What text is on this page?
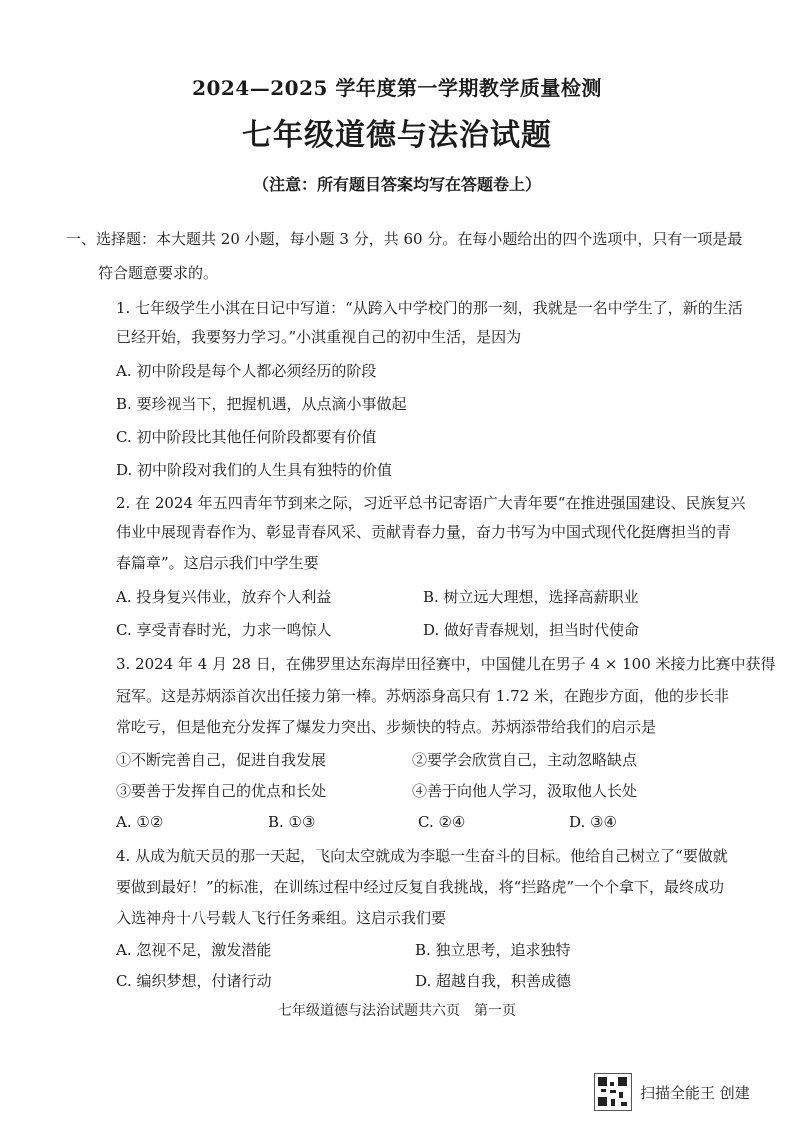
2024—2025 学年度第一学期教学质量检测
七年级道德与法治试题
（注意：所有题目答案均写在答题卷上）
一、选择题：本大题共 20 小题，每小题 3 分，共 60 分。在每小题给出的四个选项中，只有一项是最
符合题意要求的。
1. 七年级学生小淇在日记中写道：“从跨入中学校门的那一刻，我就是一名中学生了，新的生活
已经开始，我要努力学习。”小淇重视自己的初中生活，是因为
A. 初中阶段是每个人都必须经历的阶段
B. 要珍视当下，把握机遇，从点滴小事做起
C. 初中阶段比其他任何阶段都要有价值
D. 初中阶段对我们的人生具有独特的价值
2. 在 2024 年五四青年节到来之际，习近平总书记寄语广大青年要“在推进强国建设、民族复兴
伟业中展现青春作为、彰显青春风采、贡献青春力量，奋力书写为中国式现代化挺膺担当的青
春篇章”。这启示我们中学生要
A. 投身复兴伟业，放弃个人利益	B. 树立远大理想，选择高薪职业
C. 享受青春时光，力求一鸣惊人	D. 做好青春规划，担当时代使命
3. 2024 年 4 月 28 日，在佛罗里达东海岸田径赛中，中国健儿在男子 4 × 100 米接力比赛中获得
冠军。这是苏炳添首次出任接力第一棒。苏炳添身高只有 1.72 米，在跑步方面，他的步长非
常吃亏，但是他充分发挥了爆发力突出、步频快的特点。苏炳添带给我们的启示是
①不断完善自己，促进自我发展	②要学会欣赏自己，主动忽略缺点
③要善于发挥自己的优点和长处	④善于向他人学习，汲取他人长处
A. ①②	B. ①③	C. ②④	D. ③④
4. 从成为航天员的那一天起，飞向太空就成为李聪一生奋斗的目标。他给自己树立了“要做就
要做到最好！”的标准，在训练过程中经过反复自我挑战，将“拦路虎”一个个拿下，最终成功
入选神舟十八号载人飞行任务乘组。这启示我们要
A. 忽视不足，激发潜能	B. 独立思考，追求独特
C. 编织梦想，付诸行动	D. 超越自我，积善成德
七年级道德与法治试题共六页　第一页
扫描全能王 创建
